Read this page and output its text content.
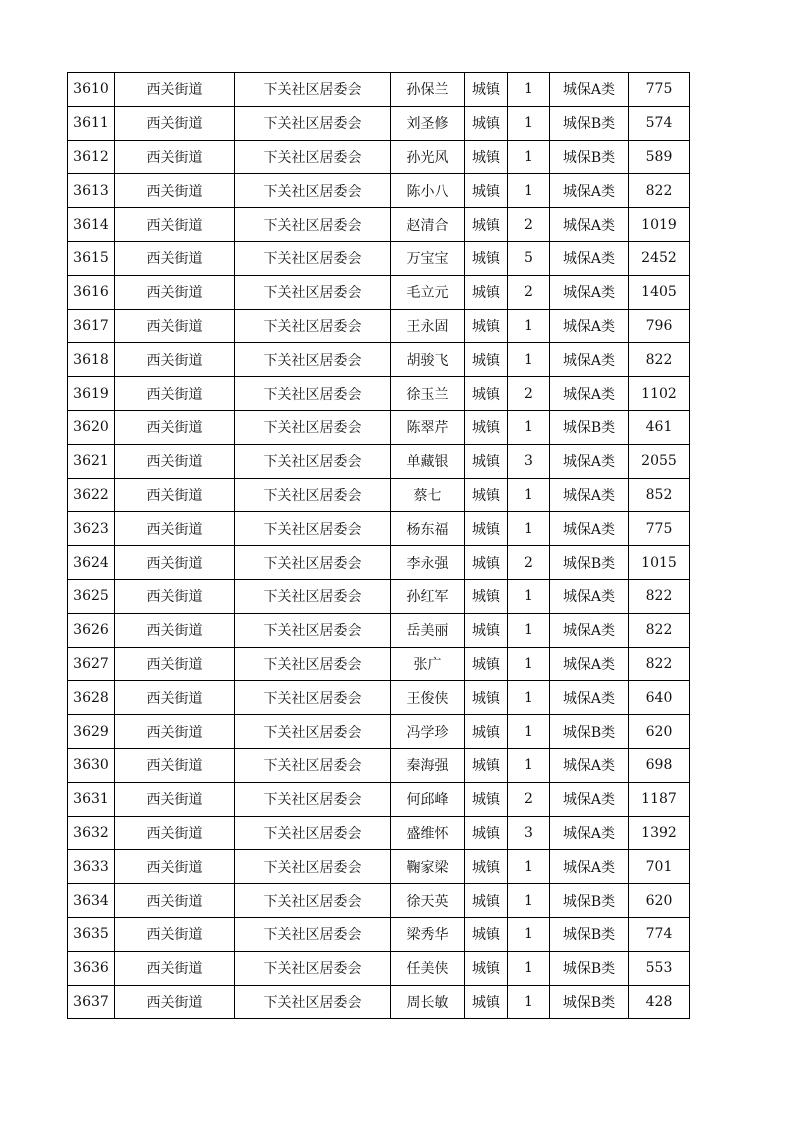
3610	西关街道	下关社区居委会	孙保兰	城镇	1	城保A类	775
3611	西关街道	下关社区居委会	刘圣修	城镇	1	城保B类	574
3612	西关街道	下关社区居委会	孙光风	城镇	1	城保B类	589
3613	西关街道	下关社区居委会	陈小八	城镇	1	城保A类	822
3614	西关街道	下关社区居委会	赵清合	城镇	2	城保A类	1019
3615	西关街道	下关社区居委会	万宝宝	城镇	5	城保A类	2452
3616	西关街道	下关社区居委会	毛立元	城镇	2	城保A类	1405
3617	西关街道	下关社区居委会	王永固	城镇	1	城保A类	796
3618	西关街道	下关社区居委会	胡骏飞	城镇	1	城保A类	822
3619	西关街道	下关社区居委会	徐玉兰	城镇	2	城保A类	1102
3620	西关街道	下关社区居委会	陈翠芹	城镇	1	城保B类	461
3621	西关街道	下关社区居委会	单藏银	城镇	3	城保A类	2055
3622	西关街道	下关社区居委会	蔡七	城镇	1	城保A类	852
3623	西关街道	下关社区居委会	杨东福	城镇	1	城保A类	775
3624	西关街道	下关社区居委会	李永强	城镇	2	城保B类	1015
3625	西关街道	下关社区居委会	孙红军	城镇	1	城保A类	822
3626	西关街道	下关社区居委会	岳美丽	城镇	1	城保A类	822
3627	西关街道	下关社区居委会	张广	城镇	1	城保A类	822
3628	西关街道	下关社区居委会	王俊侠	城镇	1	城保A类	640
3629	西关街道	下关社区居委会	冯学珍	城镇	1	城保B类	620
3630	西关街道	下关社区居委会	秦海强	城镇	1	城保A类	698
3631	西关街道	下关社区居委会	何邱峰	城镇	2	城保A类	1187
3632	西关街道	下关社区居委会	盛维怀	城镇	3	城保A类	1392
3633	西关街道	下关社区居委会	鞠家梁	城镇	1	城保A类	701
3634	西关街道	下关社区居委会	徐天英	城镇	1	城保B类	620
3635	西关街道	下关社区居委会	梁秀华	城镇	1	城保B类	774
3636	西关街道	下关社区居委会	任美侠	城镇	1	城保B类	553
3637	西关街道	下关社区居委会	周长敏	城镇	1	城保B类	428
